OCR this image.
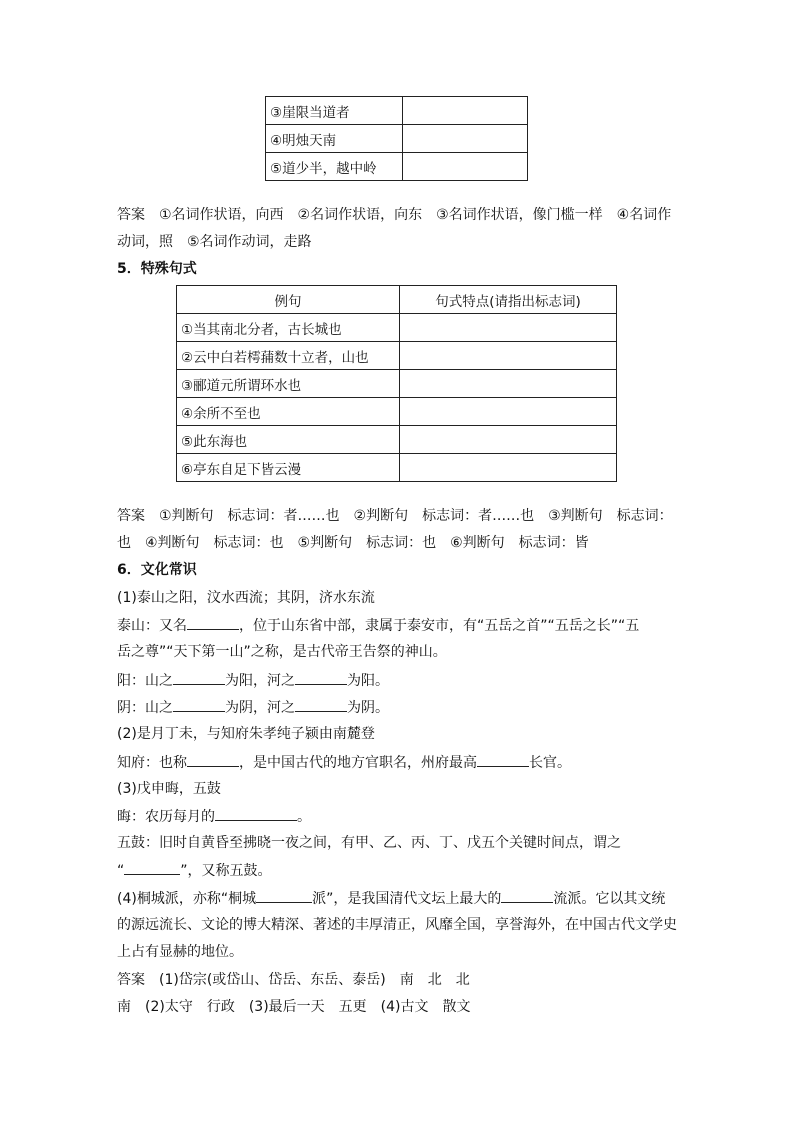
③崖限当道者	
④明烛天南	
⑤道少半，越中岭	
答案　 ①名词作状语，向西　②名词作状语，向东　③名词作状语，像门槛一样　④名词作
动词，照　⑤名词作动词，走路
5．特殊句式
例句	句式特点(请指出标志词)
①当其南北分者，古长城也	
②云中白若樗蒱数十立者，山也	
③郦道元所谓环水也	
④余所不至也	
⑤此东海也	
⑥亭东自足下皆云漫	
答案　 ①判断句　标志词：者……也　②判断句　标志词：者……也　③判断句　标志词：
也　④判断句　标志词：也　⑤判断句　标志词：也　⑥判断句　标志词：皆
6．文化常识
(1)泰山之阳，汶水西流；其阴，济水东流
泰山：又名	，位于山东省中部，隶属于泰安市，有“五岳之首”“五岳之长”“五
岳之尊”“天下第一山”之称，是古代帝王告祭的神山。
阳：山之	为阳，河之	为阳。
阴：山之	为阴，河之	为阴。
(2)是月丁未，与知府朱孝纯子颍由南麓登
知府：也称	，是中国古代的地方官职名，州府最高	长官。
(3)戊申晦，五鼓
晦：农历每月的	。
五鼓：旧时自黄昏至拂晓一夜之间，有甲、乙、丙、丁、戊五个关键时间点，谓之
“	”，又称五鼓。
(4)桐城派，亦称“桐城	派”，是我国清代文坛上最大的	流派。它以其文统
的源远流长、文论的博大精深、著述的丰厚清正，风靡全国，享誉海外，在中国古代文学史
上占有显赫的地位。
答案　 (1)岱宗(或岱山、岱岳、东岳、泰岳)　南　北　北
南　(2)太守　行政　(3)最后一天　五更　(4)古文　散文
